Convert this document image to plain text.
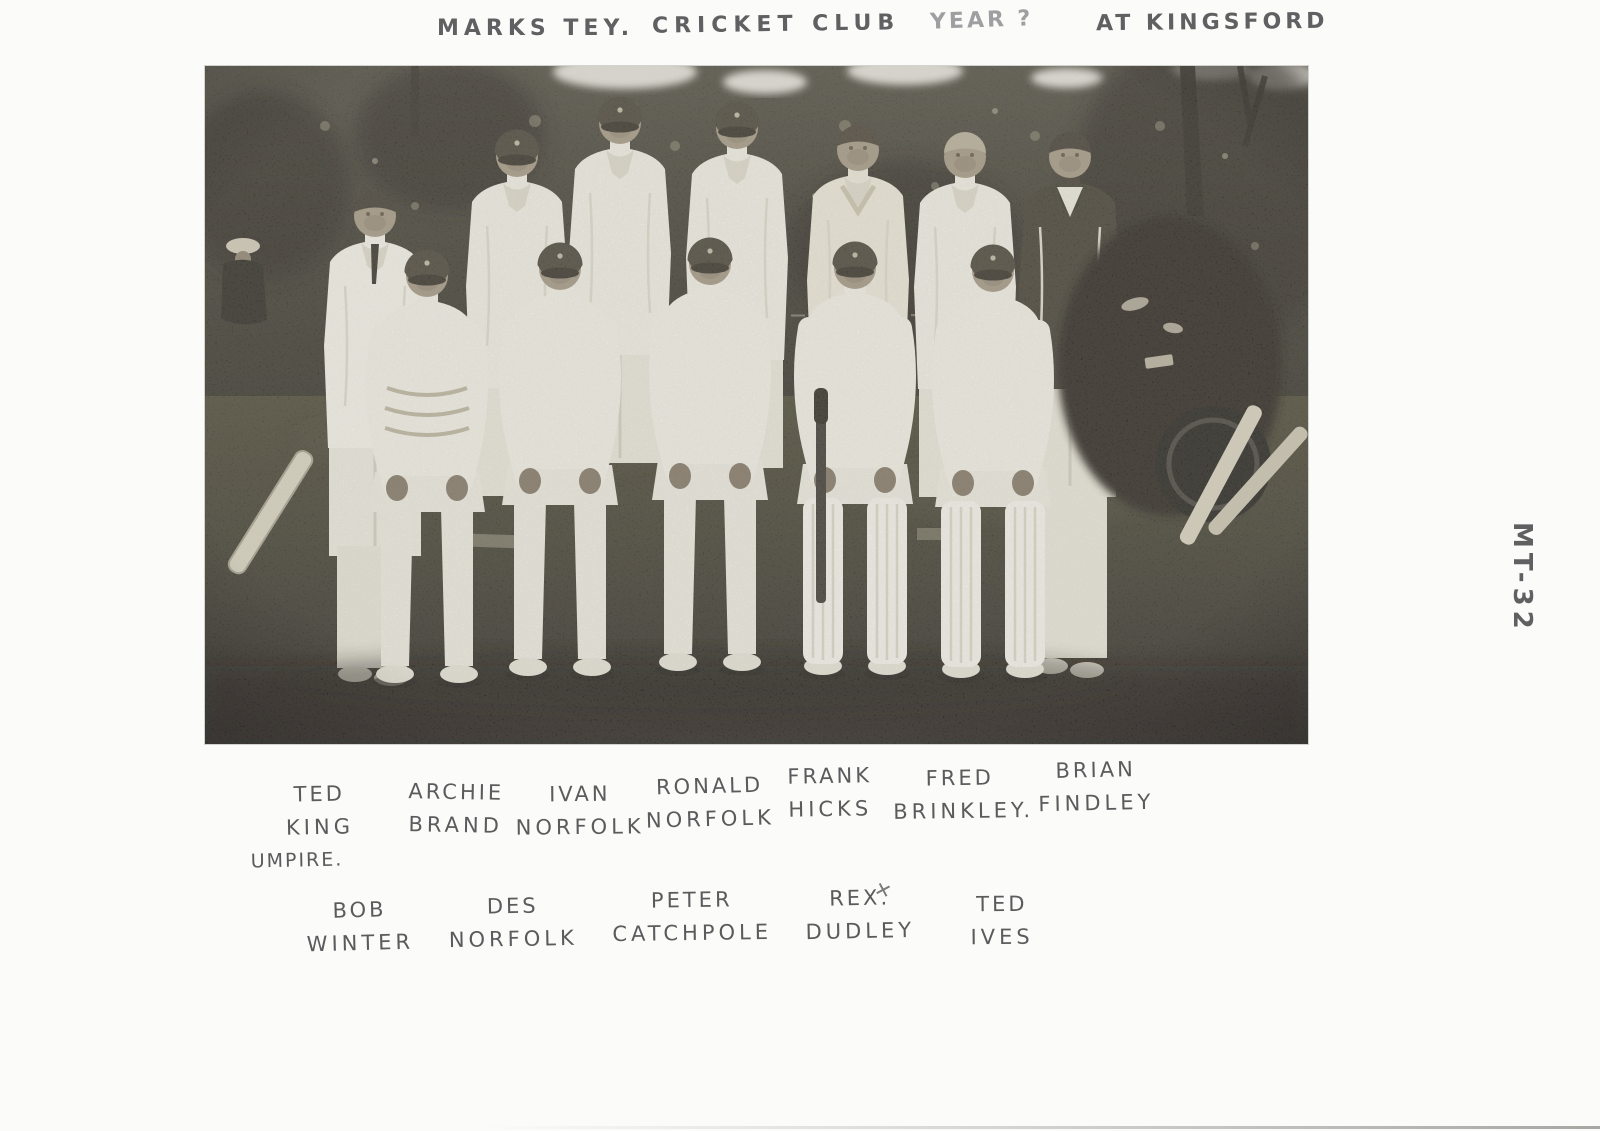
MARKS TEY. CRICKET CLUB YEAR ?	AT KINGSFORD
TED
KING
UMPIRE.
ARCHIE
BRAND
IVAN
NORFOLK
RONALD
NORFOLK
FRANK
HICKS
FRED
BRINKLEY.
BRIAN
FINDLEY
BOB
WINTER
DES
NORFOLK
PETER
CATCHPOLE
REX. ✕
DUDLEY
TED
IVES
MT-32
